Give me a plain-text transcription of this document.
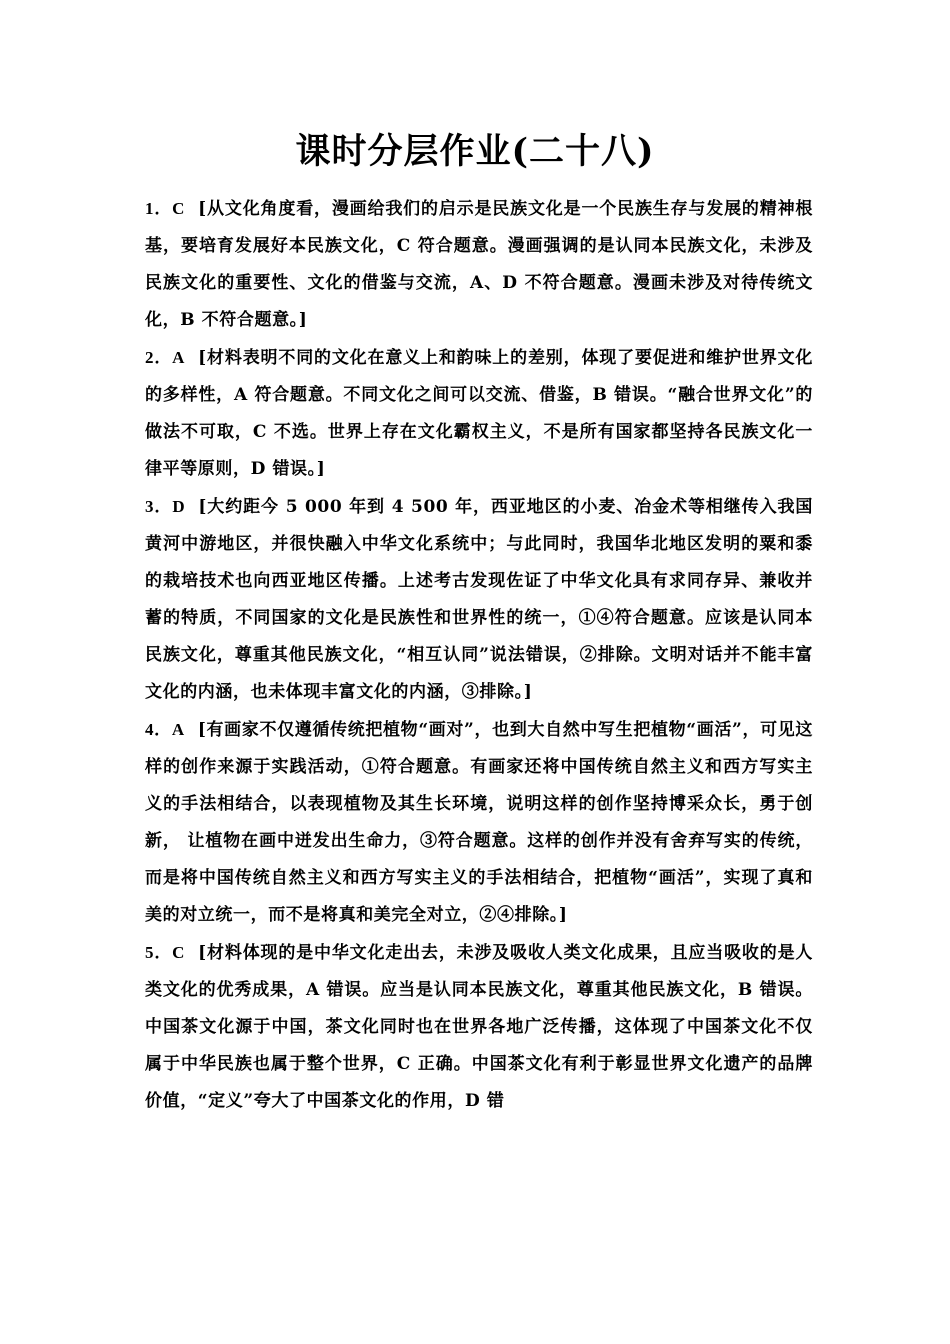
课时分层作业(二十八)

1．C [从文化角度看，漫画给我们的启示是民族文化是一个民族生存与发展的精神根基，要培育发展好本民族文化，C 符合题意。漫画强调的是认同本民族文化，未涉及民族文化的重要性、文化的借鉴与交流，A、D 不符合题意。漫画未涉及对待传统文化，B 不符合题意。]

2．A [材料表明不同的文化在意义上和韵味上的差别，体现了要促进和维护世界文化的多样性，A 符合题意。不同文化之间可以交流、借鉴，B 错误。“融合世界文化”的做法不可取，C 不选。世界上存在文化霸权主义，不是所有国家都坚持各民族文化一律平等原则，D 错误。]

3．D [大约距今 5 000 年到 4 500 年，西亚地区的小麦、冶金术等相继传入我国黄河中游地区，并很快融入中华文化系统中；与此同时，我国华北地区发明的粟和黍的栽培技术也向西亚地区传播。上述考古发现佐证了中华文化具有求同存异、兼收并蓄的特质，不同国家的文化是民族性和世界性的统一，①④符合题意。应该是认同本民族文化，尊重其他民族文化，“相互认同”说法错误，②排除。文明对话并不能丰富文化的内涵，也未体现丰富文化的内涵，③排除。]

4．A [有画家不仅遵循传统把植物“画对”，也到大自然中写生把植物“画活”，可见这样的创作来源于实践活动，①符合题意。有画家还将中国传统自然主义和西方写实主义的手法相结合，以表现植物及其生长环境，说明这样的创作坚持博采众长，勇于创新， 让植物在画中迸发出生命力，③符合题意。这样的创作并没有舍弃写实的传统，而是将中国传统自然主义和西方写实主义的手法相结合，把植物“画活”，实现了真和美的对立统一，而不是将真和美完全对立，②④排除。]

5．C [材料体现的是中华文化走出去，未涉及吸收人类文化成果，且应当吸收的是人类文化的优秀成果，A 错误。应当是认同本民族文化，尊重其他民族文化，B 错误。中国茶文化源于中国，茶文化同时也在世界各地广泛传播，这体现了中国茶文化不仅属于中华民族也属于整个世界，C 正确。中国茶文化有利于彰显世界文化遗产的品牌价值，“定义”夸大了中国茶文化的作用，D 错
